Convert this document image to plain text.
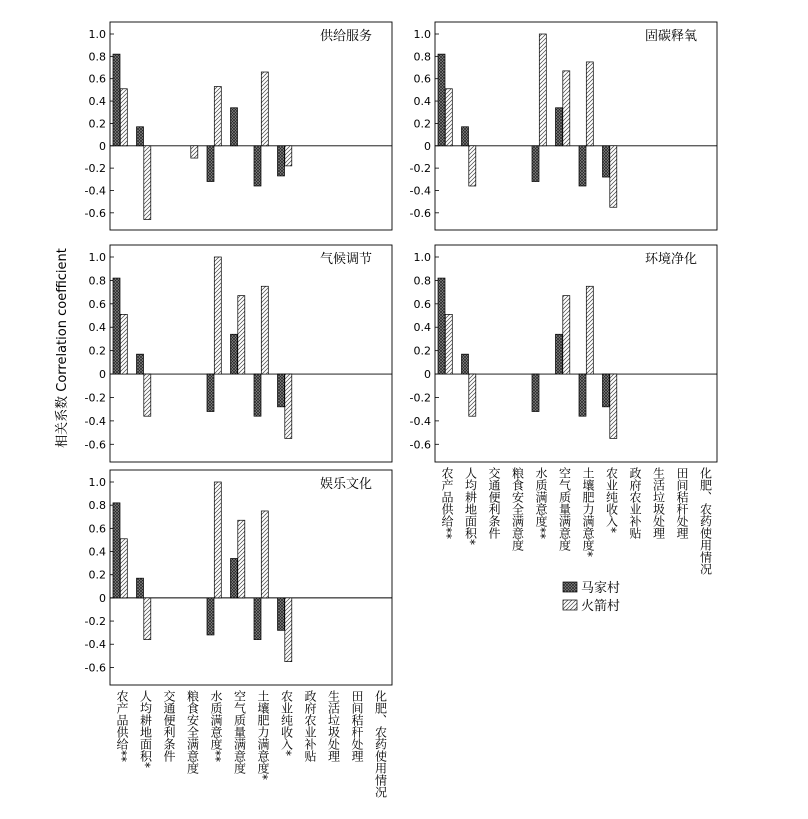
1.0
0.8
0.6
0.4
0.2
0
-0.2
-0.4
-0.6
供给服务	1.0
0.8
0.6
0.4
0.2
0
-0.2
-0.4
-0.6
固碳释氧
1.0
0.8
0.6
0.4
0.2
0
-0.2
-0.4
-0.6
气候调节	1.0
0.8
0.6
0.4
0.2
0
-0.2
-0.4
-0.6
环境净化
1.0
0.8
0.6
0.4
0.2
0
-0.2
-0.4
-0.6
娱乐文化
相关系数 Correlation coefficient
农产品供给** 人均耕地面积* 交通便利条件 粮食安全满意度 水质满意度** 空气质量满意度 土壤肥力满意度* 农业纯收入* 政府农业补贴 生活垃圾处理 田间秸秆处理 化肥、农药使用情况
农产品供给** 人均耕地面积* 交通便利条件 粮食安全满意度 水质满意度** 空气质量满意度 土壤肥力满意度* 农业纯收入* 政府农业补贴 生活垃圾处理 田间秸秆处理 化肥、农药使用情况
马家村
火箭村
